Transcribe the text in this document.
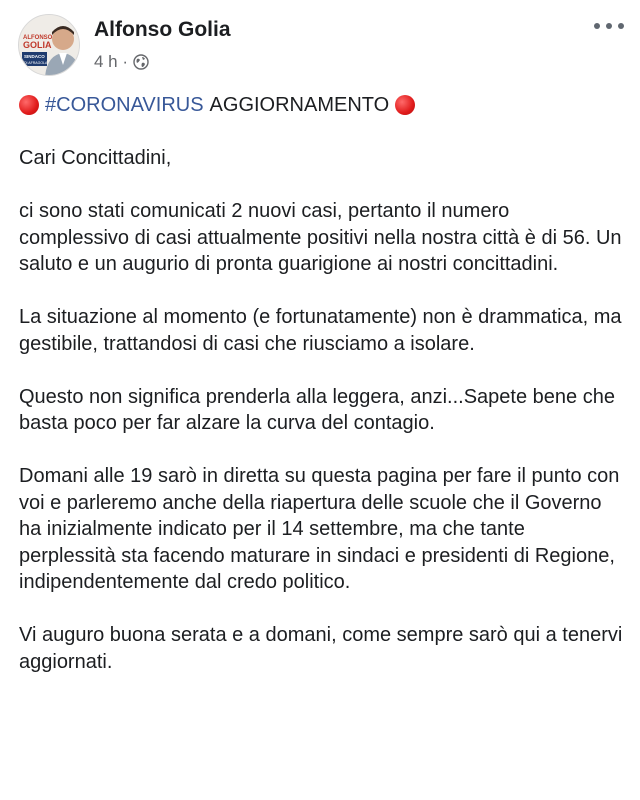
ALFONSO
GOLIA
SINDACO
DI AFRAGOLA
Alfonso Golia
4 h ·
#CORONAVIRUS AGGIORNAMENTO

Cari Concittadini,

ci sono stati comunicati 2 nuovi casi, pertanto il numero complessivo di casi attualmente positivi nella nostra città è di 56. Un saluto e un augurio di pronta guarigione ai nostri concittadini.

La situazione al momento (e fortunatamente) non è drammatica, ma gestibile, trattandosi di casi che riusciamo a isolare.

Questo non significa prenderla alla leggera, anzi...Sapete bene che basta poco per far alzare la curva del contagio.

Domani alle 19 sarò in diretta su questa pagina per fare il punto con voi e parleremo anche della riapertura delle scuole che il Governo ha inizialmente indicato per il 14 settembre, ma che tante perplessità sta facendo maturare in sindaci e presidenti di Regione, indipendentemente dal credo politico.

Vi auguro buona serata e a domani, come sempre sarò qui a tenervi aggiornati.
